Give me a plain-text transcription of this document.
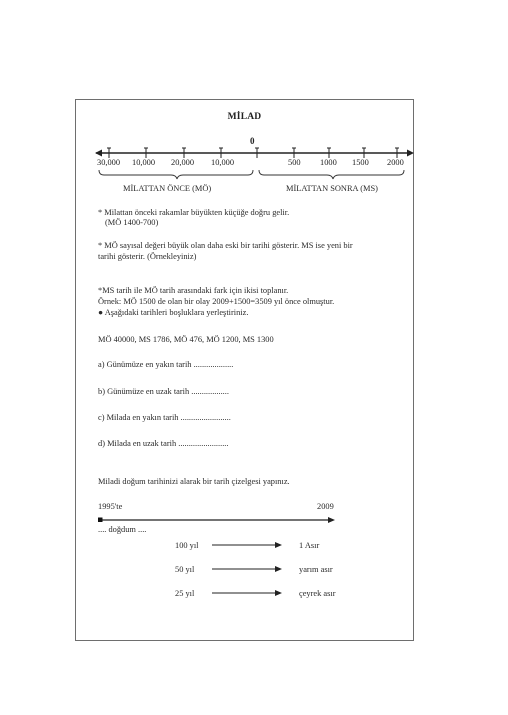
MİLAD
0
30,000 10,000 20,000 10,000	500 1000 1500 2000
MİLATTAN ÖNCE (MÖ)	MİLATTAN SONRA (MS)
* Milattan önceki rakamlar büyükten küçüğe doğru gelir.
(MÖ 1400-700)
* MÖ sayısal değeri büyük olan daha eski bir tarihi gösterir. MS ise yeni bir
tarihi gösterir. (Örnekleyiniz)
*MS tarih ile MÖ tarih arasındaki fark için ikisi toplanır.
Örnek: MÖ 1500 de olan bir olay 2009+1500=3509 yıl önce olmuştur.
● Aşağıdaki tarihleri boşluklara yerleştiriniz.
MÖ 40000, MS 1786, MÖ 476, MÖ 1200, MS 1300
a) Günümüze en yakın tarih ...................
b) Günümüze en uzak tarih ..................
c) Milada en yakın tarih ........................
d) Milada en uzak tarih ........................
Miladi doğum tarihinizi alarak bir tarih çizelgesi yapınız.
1995'te	2009
.... doğdum ....
100 yıl	1 Asır
50 yıl	yarım asır
25 yıl	çeyrek asır
